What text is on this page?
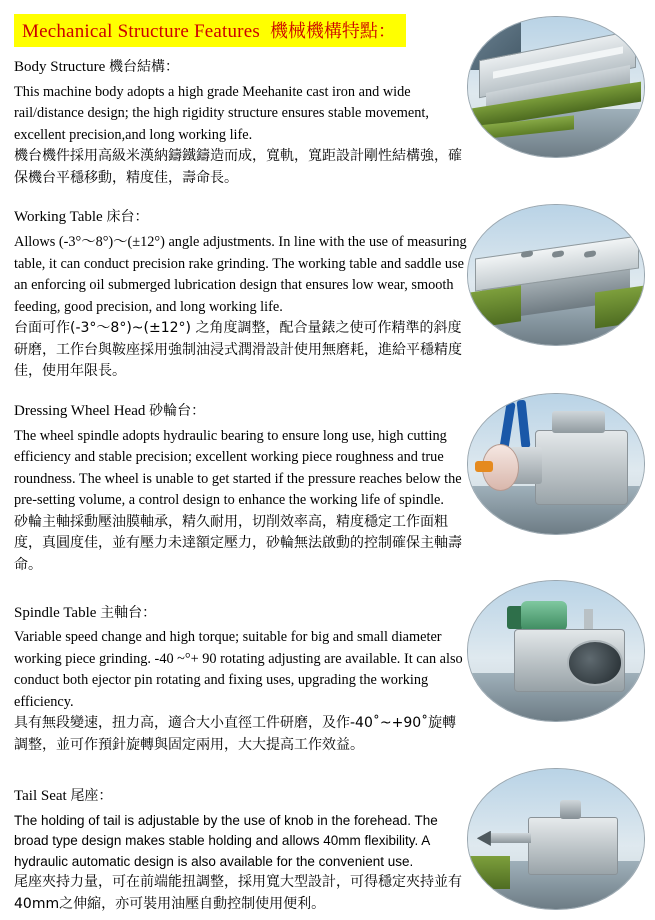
Mechanical Structure Features 機械機構特點：
Body Structure 機台結構：
This machine body adopts a high grade Meehanite cast iron and wide rail/distance design; the high rigidity structure ensures stable movement, excellent precision,and long working life.
機台機件採用高級米漢納鑄鐵鑄造而成，寬軌，寬距設計剛性結構強，確保機台平穩移動，精度佳，壽命長。
Working Table 床台：
Allows (-3°～8°)～(±12°) angle adjustments. In line with the use of measuring table, it can conduct precision rake grinding. The working table and saddle use an enforcing oil submerged lubrication design that ensures low wear, smooth feeding, good precision, and long working life.
台面可作(-3°～8°)~(±12°) 之角度調整，配合量錶之使可作精準的斜度研磨，工作台與鞍座採用強制油浸式潤滑設計使用無磨耗，進給平穩精度佳，使用年限長。
Dressing Wheel Head 砂輪台：
The wheel spindle adopts hydraulic bearing to ensure long use, high cutting efficiency and stable precision; excellent working piece roughness and true roundness. The wheel is unable to get started if the pressure reaches below the pre-setting volume, a control design to enhance the working life of spindle.
砂輪主軸採動壓油膜軸承，精久耐用，切削效率高，精度穩定工作面粗度，真圓度佳，並有壓力未達額定壓力，砂輪無法啟動的控制確保主軸壽命。
Spindle Table 主軸台：
Variable speed change and high torque; suitable for big and small diameter working piece grinding. -40 ~°+ 90 rotating adjusting are available. It can also conduct both ejector pin rotating and fixing uses, upgrading the working efficiency.
具有無段變速，扭力高，適合大小直徑工件研磨，及作-40˚~+90˚旋轉調整，並可作預針旋轉與固定兩用，大大提高工作效益。
Tail Seat 尾座：
The holding of tail is adjustable by the use of knob in the forehead. The broad type design makes stable holding and allows 40mm flexibility. A hydraulic automatic design is also available for the convenient use.
尾座夾持力量，可在前端能扭調整，採用寬大型設計，可得穩定夾持並有40mm之伸縮，亦可裝用油壓自動控制使用便利。
